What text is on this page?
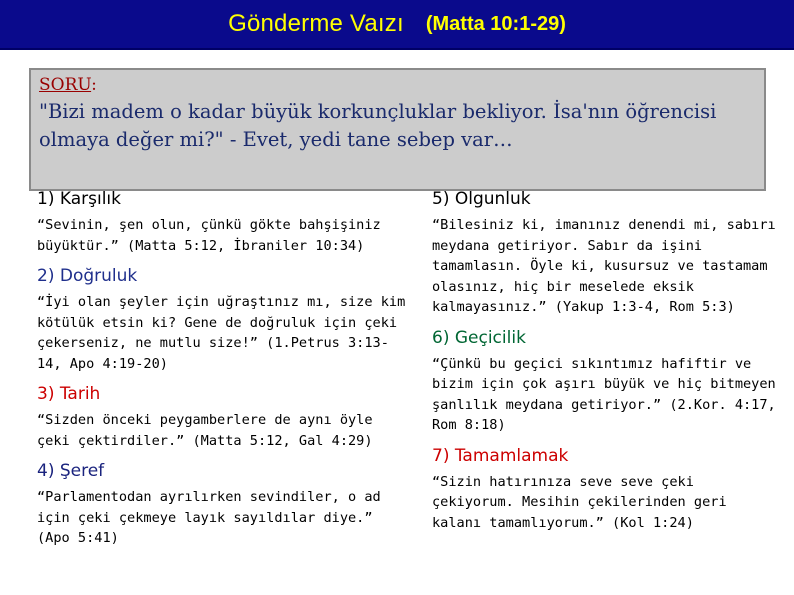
Gönderme Vaızı (Matta 10:1-29)
SORU:
"Bizi madem o kadar büyük korkunçluklar bekliyor. İsa'nın öğrencisi olmaya değer mi?" - Evet, yedi tane sebep var…
1) Karşılık

“Sevinin, şen olun, çünkü gökte bahşişiniz büyüktür.” (Matta 5:12, İbraniler 10:34)

2) Doğruluk

“İyi olan şeyler için uğraştınız mı, size kim kötülük etsin ki? Gene de doğruluk için çeki çekerseniz, ne mutlu size!” (1.Petrus 3:13-14, Apo 4:19-20)

3) Tarih

“Sizden önceki peygamberlere de aynı öyle çeki çektirdiler.” (Matta 5:12, Gal 4:29)

4) Şeref

“Parlamentodan ayrılırken sevindiler, o ad için çeki çekmeye layık sayıldılar diye.” (Apo 5:41)

5) Olgunluk

“Bilesiniz ki, imanınız denendi mi, sabırı meydana getiriyor. Sabır da işini tamamlasın. Öyle ki, kusursuz ve tastamam olasınız, hiç bir meselede eksik kalmayasınız.” (Yakup 1:3-4, Rom 5:3)

6) Geçicilik

“Çünkü bu geçici sıkıntımız hafiftir ve bizim için çok aşırı büyük ve hiç bitmeyen şanlılık meydana getiriyor.” (2.Kor. 4:17, Rom 8:18)

7) Tamamlamak

“Sizin hatırınıza seve seve çeki çekiyorum. Mesihin çekilerinden geri kalanı tamamlıyorum.” (Kol 1:24)
